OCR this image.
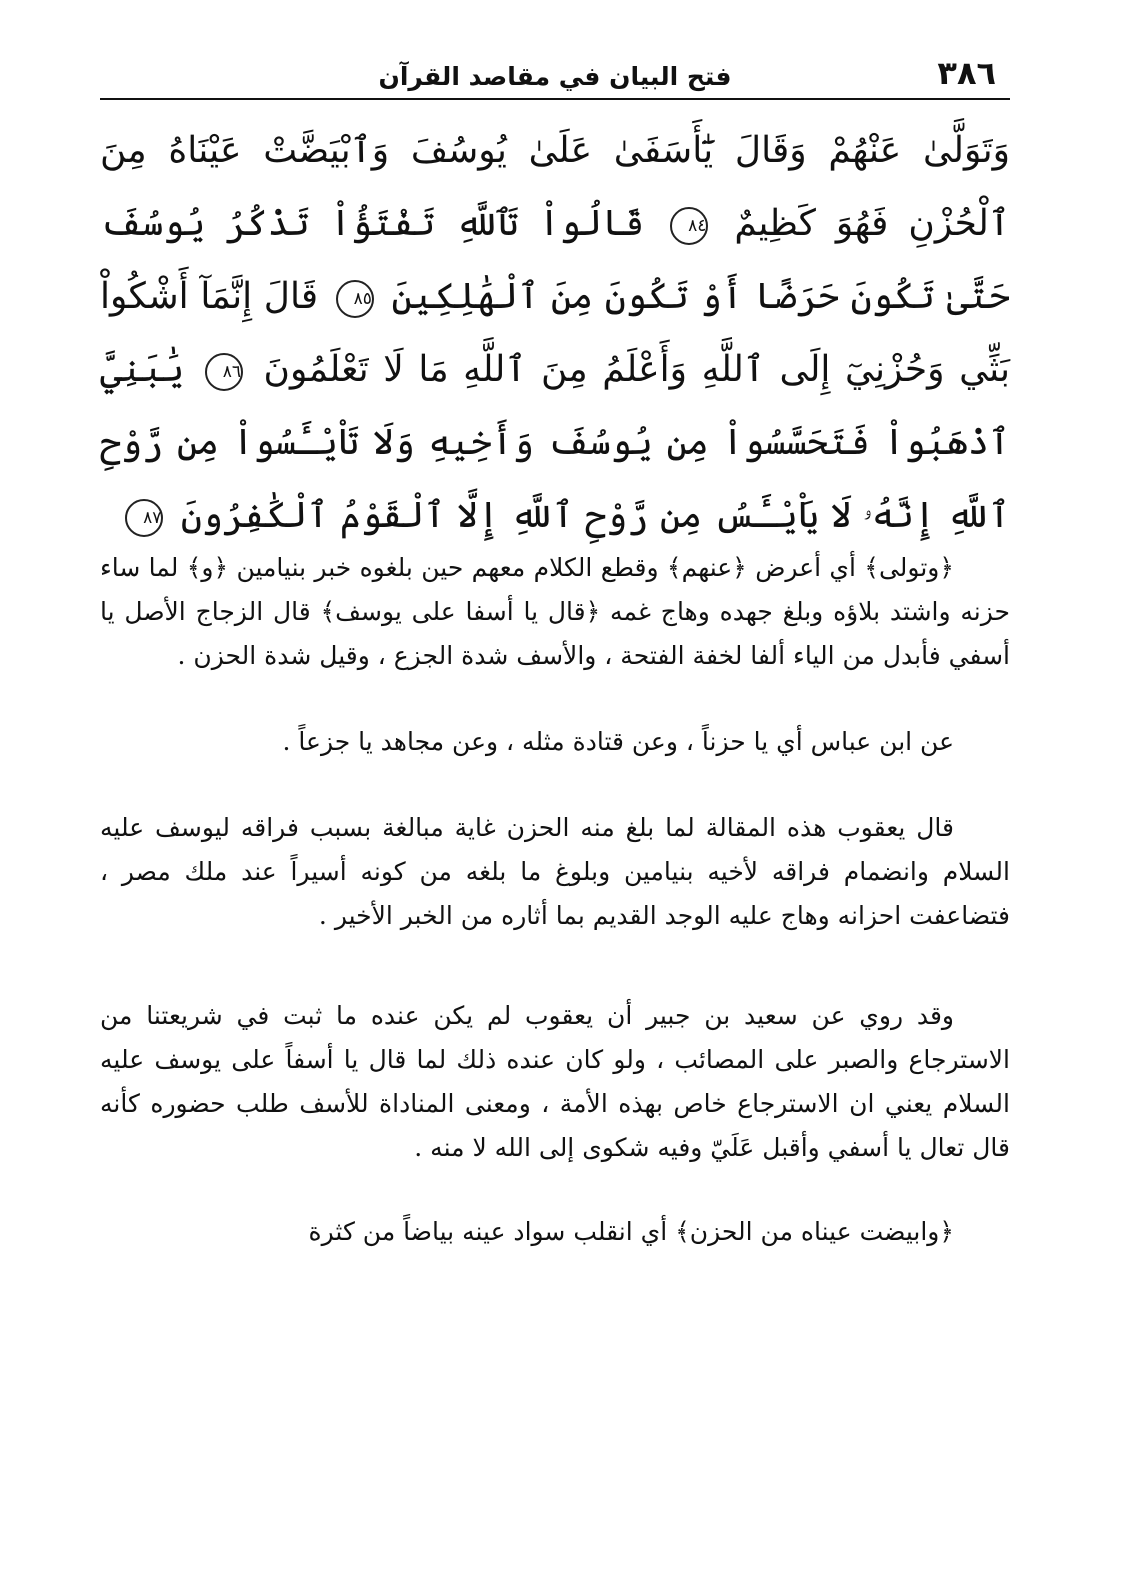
٣٨٦
فتح البيان في مقاصد القرآن
وَتَوَلَّىٰ عَنْهُمْ وَقَالَ يَٰٓأَسَفَىٰ عَلَىٰ يُوسُفَ وَٱبْيَضَّتْ عَيْنَاهُ مِنَ ٱلْحُزْنِ فَهُوَ كَظِيمٌ ٨٤ قَالُواْ تَٱللَّهِ تَفْتَؤُاْ تَذْكُرُ يُوسُفَ حَتَّىٰ تَكُونَ حَرَضًا أَوْ تَكُونَ مِنَ ٱلْهَٰلِكِينَ ٨٥ قَالَ إِنَّمَآ أَشْكُواْ بَثِّي وَحُزْنِيٓ إِلَى ٱللَّهِ وَأَعْلَمُ مِنَ ٱللَّهِ مَا لَا تَعْلَمُونَ ٨٦ يَٰبَنِيَّ ٱذْهَبُواْ فَتَحَسَّسُواْ مِن يُوسُفَ وَأَخِيهِ وَلَا تَاْيْـَٔسُواْ مِن رَّوْحِ ٱللَّهِ إِنَّهُۥ لَا يَاْيْـَٔسُ مِن رَّوْحِ ٱللَّهِ إِلَّا ٱلْقَوْمُ ٱلْكَٰفِرُونَ ٨٧

﴿وتولى﴾ أي أعرض ﴿عنهم﴾ وقطع الكلام معهم حين بلغوه خبر بنيامين ﴿و﴾ لما ساء حزنه واشتد بلاؤه وبلغ جهده وهاج غمه ﴿قال يا أسفا على يوسف﴾ قال الزجاج الأصل يا أسفي فأبدل من الياء ألفا لخفة الفتحة ، والأسف شدة الجزع ، وقيل شدة الحزن .

عن ابن عباس أي يا حزناً ، وعن قتادة مثله ، وعن مجاهد يا جزعاً .

قال يعقوب هذه المقالة لما بلغ منه الحزن غاية مبالغة بسبب فراقه ليوسف عليه السلام وانضمام فراقه لأخيه بنيامين وبلوغ ما بلغه من كونه أسيراً عند ملك مصر ، فتضاعفت احزانه وهاج عليه الوجد القديم بما أثاره من الخبر الأخير .

وقد روي عن سعيد بن جبير أن يعقوب لم يكن عنده ما ثبت في شريعتنا من الاسترجاع والصبر على المصائب ، ولو كان عنده ذلك لما قال يا أسفاً على يوسف عليه السلام يعني ان الاسترجاع خاص بهذه الأمة ، ومعنى المناداة للأسف طلب حضوره كأنه قال تعال يا أسفي وأقبل عَلَيّ وفيه شكوى إلى الله لا منه .

﴿وابيضت عيناه من الحزن﴾ أي انقلب سواد عينه بياضاً من كثرة
